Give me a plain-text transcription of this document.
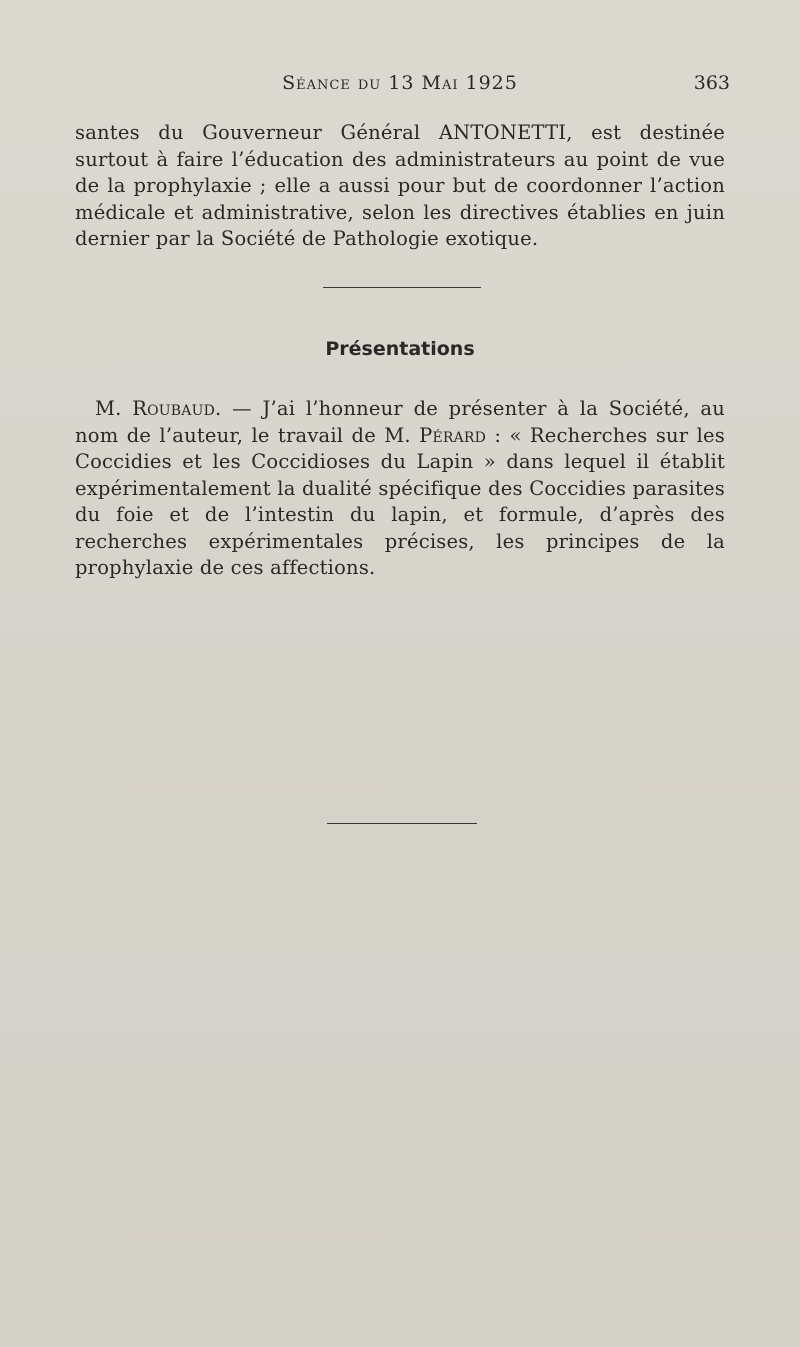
Séance du 13 Mai 1925	363

santes du Gouverneur Général ANTONETTI, est destinée surtout à faire l’éducation des administrateurs au point de vue de la prophylaxie ; elle a aussi pour but de coordonner l’action médicale et administrative, selon les directives établies en juin dernier par la Société de Pathologie exotique.

Présentations

M. Roubaud. — J’ai l’honneur de présenter à la Société, au nom de l’auteur, le travail de M. Pérard : « Recherches sur les Coccidies et les Coccidioses du Lapin » dans lequel il établit expérimentalement la dualité spécifique des Coccidies parasites du foie et de l’intestin du lapin, et formule, d’après des recherches expérimentales précises, les principes de la prophylaxie de ces affections.
